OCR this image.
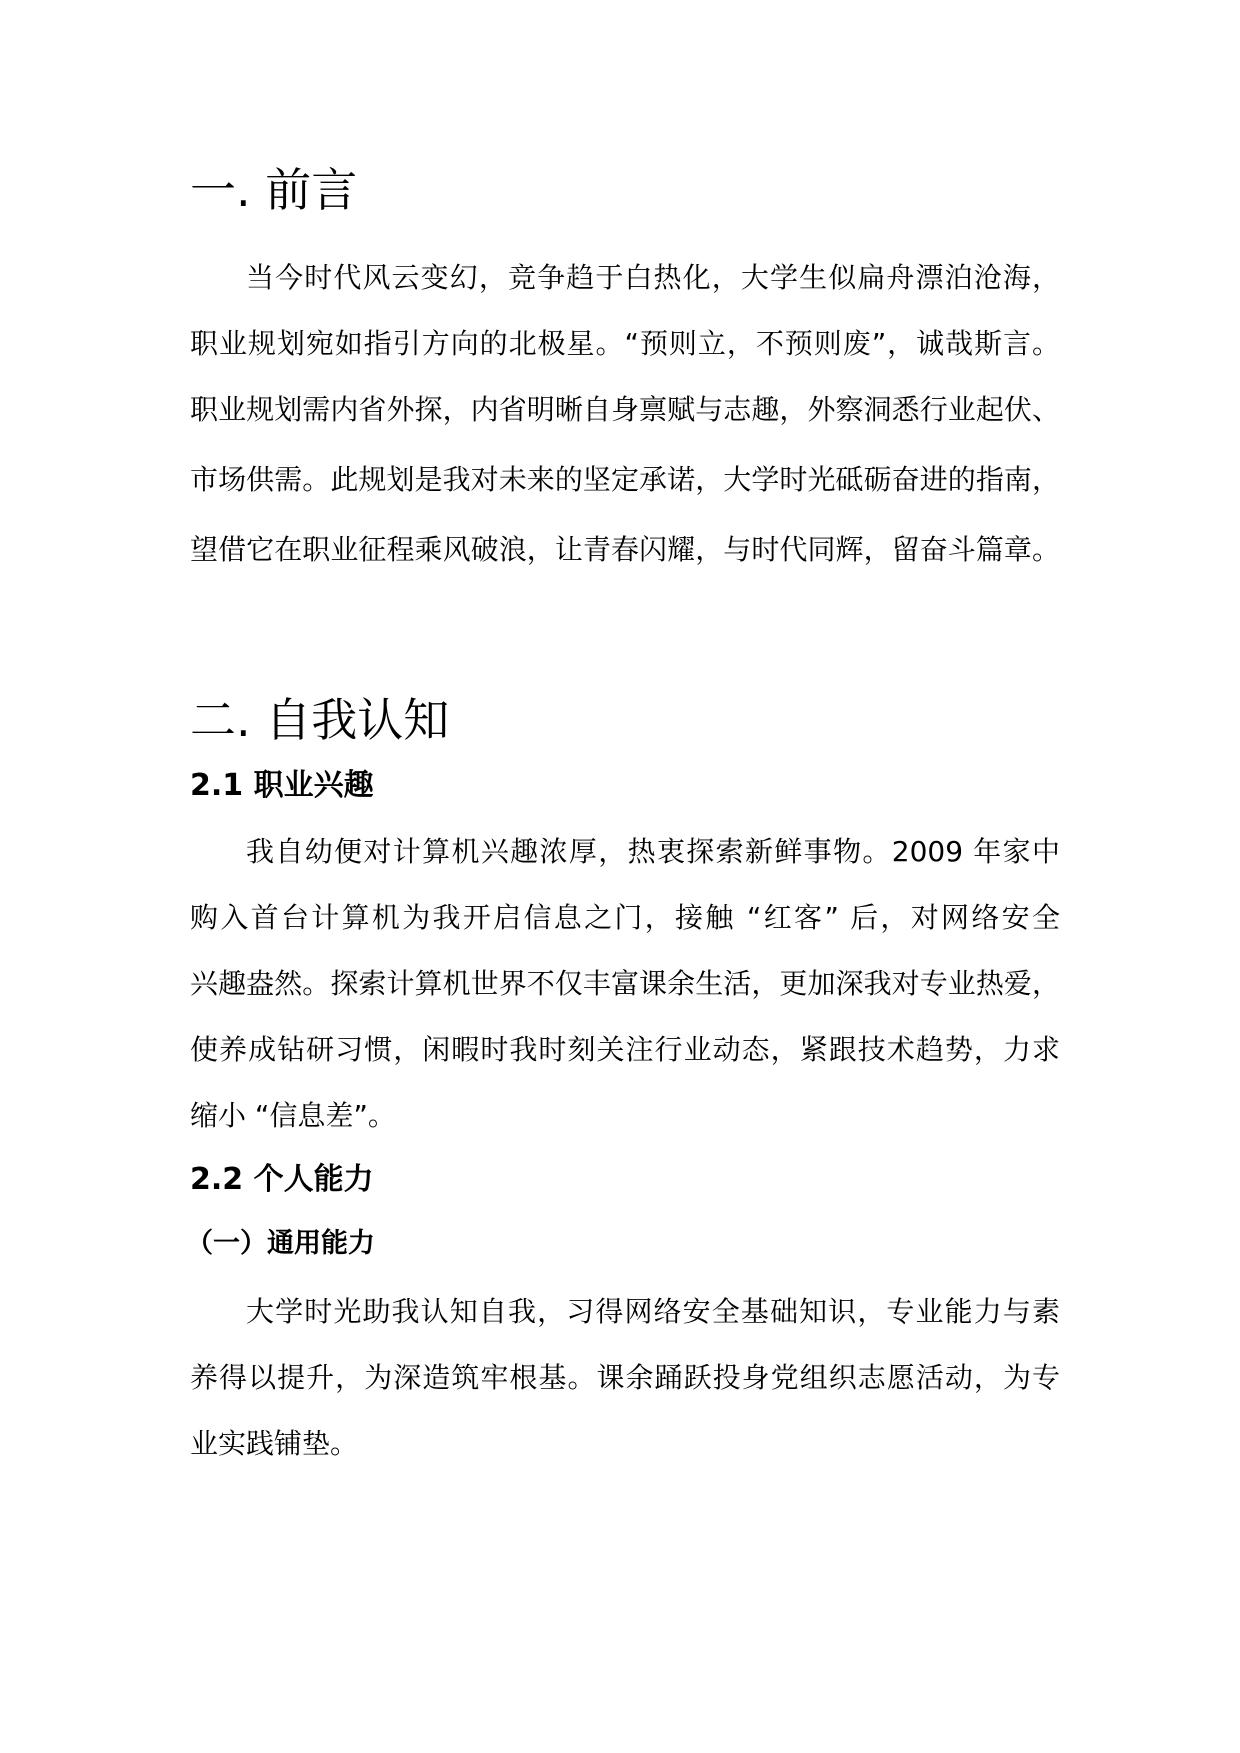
一. 前言
当今时代风云变幻，竞争趋于白热化，大学生似扁舟漂泊沧海，
职业规划宛如指引方向的北极星。“预则立，不预则废”，诚哉斯言。
职业规划需内省外探，内省明晰自身禀赋与志趣，外察洞悉行业起伏、
市场供需。此规划是我对未来的坚定承诺，大学时光砥砺奋进的指南，
望借它在职业征程乘风破浪，让青春闪耀，与时代同辉，留奋斗篇章。
二. 自我认知
2.1 职业兴趣
我自幼便对计算机兴趣浓厚，热衷探索新鲜事物。2009 年家中
购入首台计算机为我开启信息之门，接触 “红客” 后，对网络安全
兴趣盎然。探索计算机世界不仅丰富课余生活，更加深我对专业热爱，
使养成钻研习惯，闲暇时我时刻关注行业动态，紧跟技术趋势，力求
缩小 “信息差”。
2.2 个人能力
（一）通用能力
大学时光助我认知自我，习得网络安全基础知识，专业能力与素
养得以提升，为深造筑牢根基。课余踊跃投身党组织志愿活动，为专
业实践铺垫。
